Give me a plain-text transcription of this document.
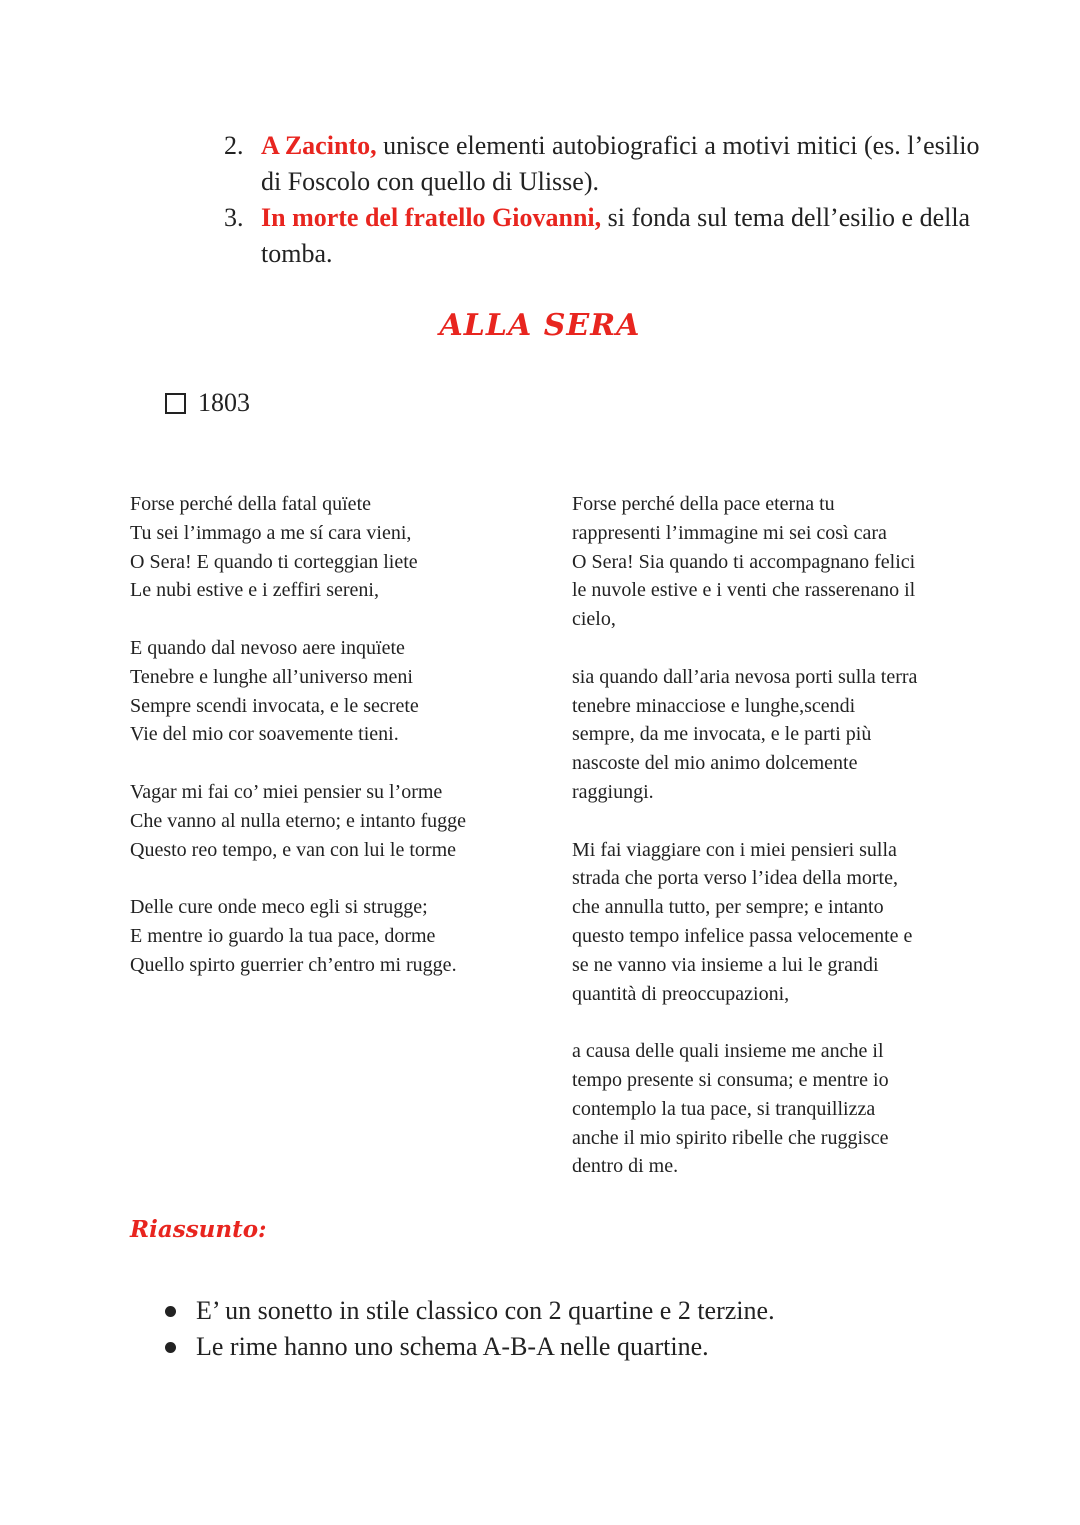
2. A Zacinto, unisce elementi autobiografici a motivi mitici (es. l’esilio di Foscolo con quello di Ulisse).
3. In morte del fratello Giovanni, si fonda sul tema dell’esilio e della tomba.
ALLA SERA
1803
Forse perché della fatal quïete
Tu sei l’immago a me sí cara vieni,
O Sera! E quando ti corteggian liete
Le nubi estive e i zeffiri sereni,
E quando dal nevoso aere inquïete
Tenebre e lunghe all’universo meni
Sempre scendi invocata, e le secrete
Vie del mio cor soavemente tieni.
Vagar mi fai co’ miei pensier su l’orme
Che vanno al nulla eterno; e intanto fugge
Questo reo tempo, e van con lui le torme
Delle cure onde meco egli si strugge;
E mentre io guardo la tua pace, dorme
Quello spirto guerrier ch’entro mi rugge.
Forse perché della pace eterna tu
rappresenti l’immagine mi sei così cara
O Sera! Sia quando ti accompagnano felici
le nuvole estive e i venti che rasserenano il
cielo,
sia quando dall’aria nevosa porti sulla terra
tenebre minacciose e lunghe,scendi
sempre, da me invocata, e le parti più
nascoste del mio animo dolcemente
raggiungi.
Mi fai viaggiare con i miei pensieri sulla
strada che porta verso l’idea della morte,
che annulla tutto, per sempre; e intanto
questo tempo infelice passa velocemente e
se ne vanno via insieme a lui le grandi
quantità di preoccupazioni,
a causa delle quali insieme me anche il
tempo presente si consuma; e mentre io
contemplo la tua pace, si tranquillizza
anche il mio spirito ribelle che ruggisce
dentro di me.
Riassunto:
E’ un sonetto in stile classico con 2 quartine e 2 terzine.
Le rime hanno uno schema A-B-A nelle quartine.
